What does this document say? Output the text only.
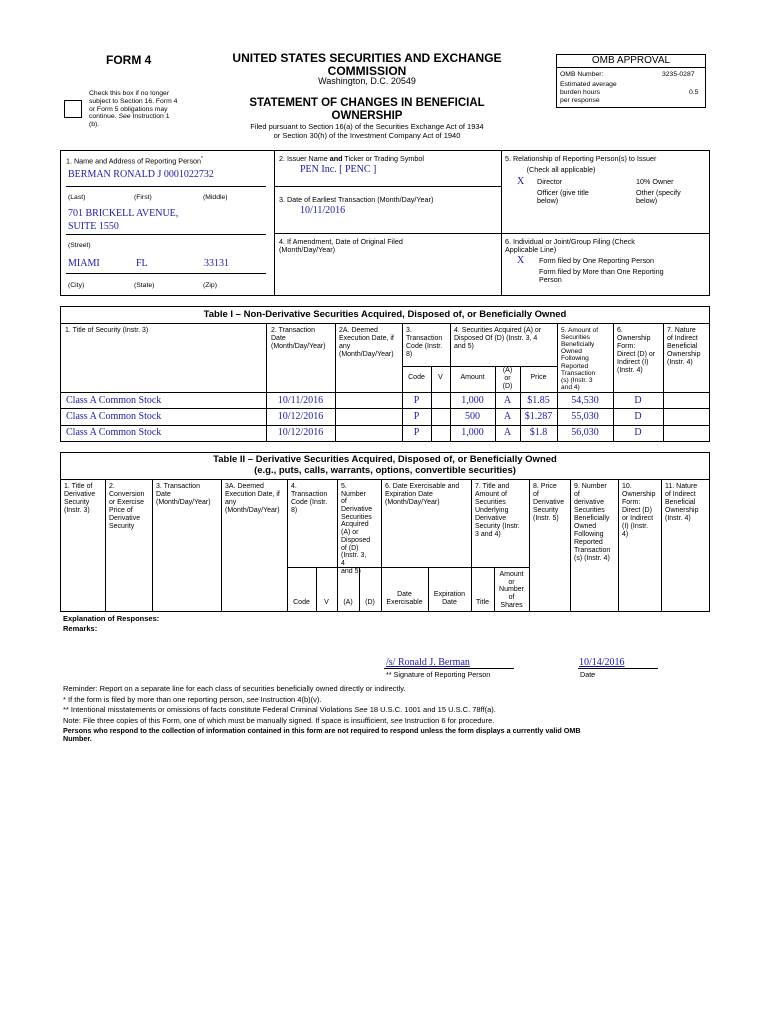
FORM 4	UNITED STATES SECURITIES AND EXCHANGE
COMMISSION
Washington, D.C. 20549
STATEMENT OF CHANGES IN BENEFICIAL
OWNERSHIP
Filed pursuant to Section 16(a) of the Securities Exchange Act of 1934
or Section 30(h) of the Investment Company Act of 1940
Check this box if no longer
subject to Section 16. Form 4
or Form 5 obligations may
continue. See Instruction 1
(b).
OMB APPROVAL
OMB Number:	3235-0287
Estimated average
burden hours
per response
0.5
1. Name and Address of Reporting Person*
BERMAN RONALD J 0001022732
(Last)	(First)	(Middle)
701 BRICKELL AVENUE,
SUITE 1550
(Street)
MIAMI	FL	33131
(City)	(State)	(Zip)
2. Issuer Name and Ticker or Trading Symbol
PEN Inc. [ PENC ]
3. Date of Earliest Transaction (Month/Day/Year)
10/11/2016
4. If Amendment, Date of Original Filed
(Month/Day/Year)
5. Relationship of Reporting Person(s) to Issuer
(Check all applicable)
X Director	10% Owner
Officer (give title
below)
Other (specify
below)
6. Individual or Joint/Group Filing (Check
Applicable Line)
X Form filed by One Reporting Person
Form filed by More than One Reporting
Person
Table I – Non-Derivative Securities Acquired, Disposed of, or Beneficially Owned
1. Title of Security (Instr. 3)	2. Transaction
Date
(Month/Day/Year)
2A. Deemed
Execution Date, if
any
(Month/Day/Year)
3.
Transaction
Code (Instr.
8)
4. Securities Acquired (A) or
Disposed Of (D) (Instr. 3, 4
and 5)
5. Amount of
Securities
Beneficially
Owned
Following
Reported
Transaction
(s) (Instr. 3
and 4)
6.
Ownership
Form:
Direct (D) or
Indirect (I)
(Instr. 4)
7. Nature
of Indirect
Beneficial
Ownership
(Instr. 4)
Code	V	Amount
(A)
or
(D)
Price
Class A Common Stock	10/11/2016	P	1,000	A	$1.85	54,530	D
Class A Common Stock	10/12/2016	P	500	A	$1.287	55,030	D
Class A Common Stock	10/12/2016	P	1,000	A	$1.8	56,030	D
Table II – Derivative Securities Acquired, Disposed of, or Beneficially Owned
(e.g., puts, calls, warrants, options, convertible securities)
1. Title of
Derivative
Security
(Instr. 3)
2.
Conversion
or Exercise
Price of
Derivative
Security
3. Transaction
Date
(Month/Day/Year)
3A. Deemed
Execution Date, if
any
(Month/Day/Year)
4.
Transaction
Code (Instr.
8)
5.
Number
of
Derivative
Securities
Acquired
(A) or
Disposed
of (D)
(Instr. 3,
4
and 5)
6. Date Exercisable and
Expiration Date
(Month/Day/Year)
7. Title and
Amount of
Securities
Underlying
Derivative
Security (Instr.
3 and 4)
8. Price
of
Derivative
Security
(Instr. 5)
9. Number
of
derivative
Securities
Beneficially
Owned
Following
Reported
Transaction
(s) (Instr. 4)
10.
Ownership
Form:
Direct (D)
or Indirect
(I) (Instr.
4)
11. Nature
of Indirect
Beneficial
Ownership
(Instr. 4)
Code	V	(A)	(D)
Date
Exercisable
Expiration
Date	Title
Amount
or
Number
of
Shares
Explanation of Responses:
Remarks:
/s/ Ronald J. Berman	10/14/2016
** Signature of Reporting Person	Date
Reminder: Report on a separate line for each class of securities beneficially owned directly or indirectly.
* If the form is filed by more than one reporting person, see Instruction 4(b)(v).
** Intentional misstatements or omissions of facts constitute Federal Criminal Violations See 18 U.S.C. 1001 and 15 U.S.C. 78ff(a).
Note: File three copies of this Form, one of which must be manually signed. If space is insufficient, see Instruction 6 for procedure.
Persons who respond to the collection of information contained in this form are not required to respond unless the form displays a currently valid OMB
Number.
